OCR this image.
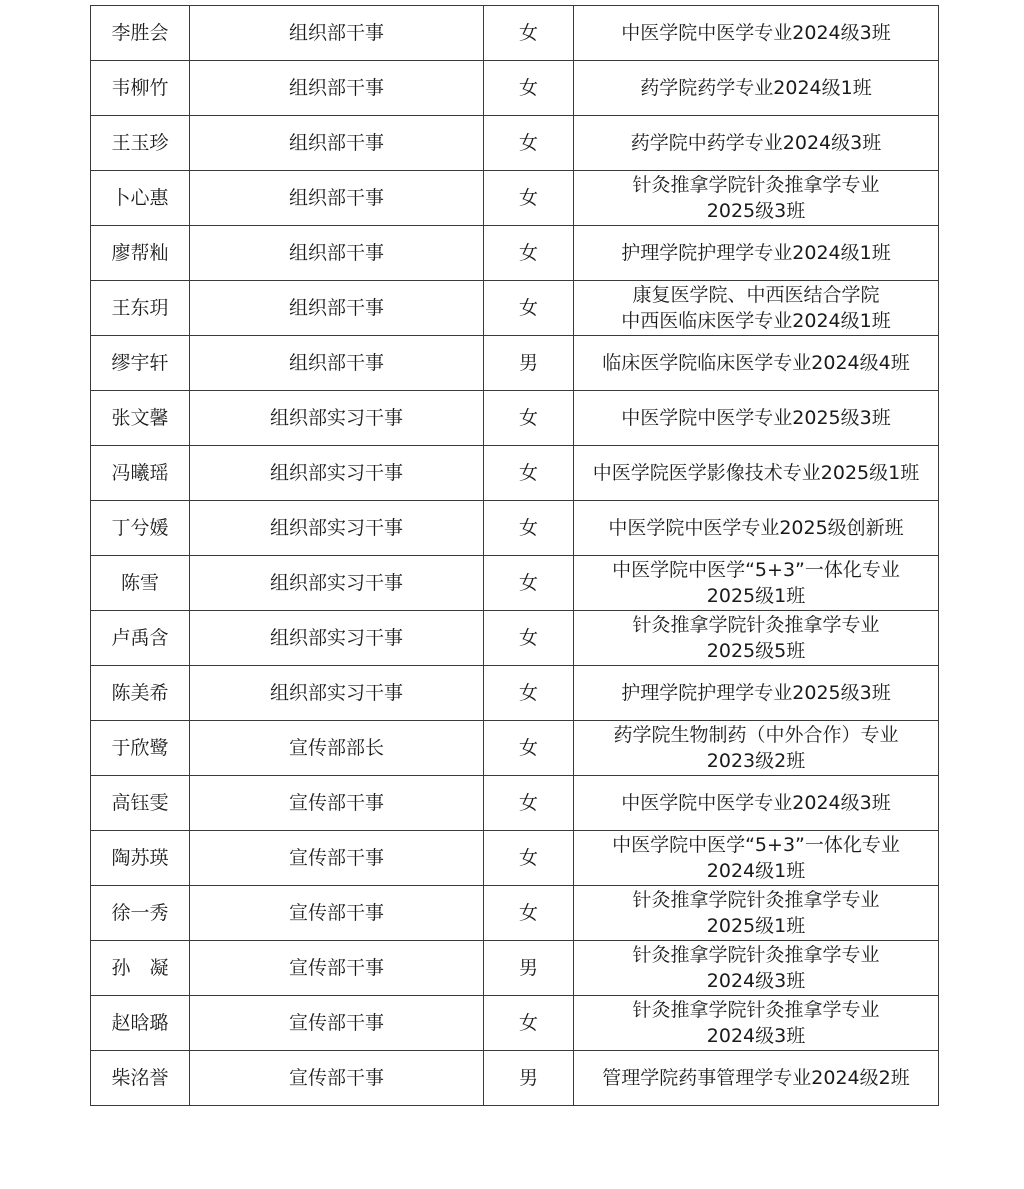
李胜会	组织部干事	女	中医学院中医学专业2024级3班
韦柳竹	组织部干事	女	药学院药学专业2024级1班
王玉珍	组织部干事	女	药学院中药学专业2024级3班
卜心惠	组织部干事	女	针灸推拿学院针灸推拿学专业
2025级3班
廖帮籼	组织部干事	女	护理学院护理学专业2024级1班
王东玥	组织部干事	女	康复医学院、中西医结合学院
中西医临床医学专业2024级1班
缪宇轩	组织部干事	男	临床医学院临床医学专业2024级4班
张文馨	组织部实习干事	女	中医学院中医学专业2025级3班
冯曦瑶	组织部实习干事	女	中医学院医学影像技术专业2025级1班
丁兮媛	组织部实习干事	女	中医学院中医学专业2025级创新班
陈雪	组织部实习干事	女	中医学院中医学“5+3”一体化专业
2025级1班
卢禹含	组织部实习干事	女	针灸推拿学院针灸推拿学专业
2025级5班
陈美希	组织部实习干事	女	护理学院护理学专业2025级3班
于欣鹭	宣传部部长	女	药学院生物制药（中外合作）专业
2023级2班
高钰雯	宣传部干事	女	中医学院中医学专业2024级3班
陶苏瑛	宣传部干事	女	中医学院中医学“5+3”一体化专业
2024级1班
徐一秀	宣传部干事	女	针灸推拿学院针灸推拿学专业
2025级1班
孙　凝	宣传部干事	男	针灸推拿学院针灸推拿学专业
2024级3班
赵晗璐	宣传部干事	女	针灸推拿学院针灸推拿学专业
2024级3班
柴洺誉	宣传部干事	男	管理学院药事管理学专业2024级2班
